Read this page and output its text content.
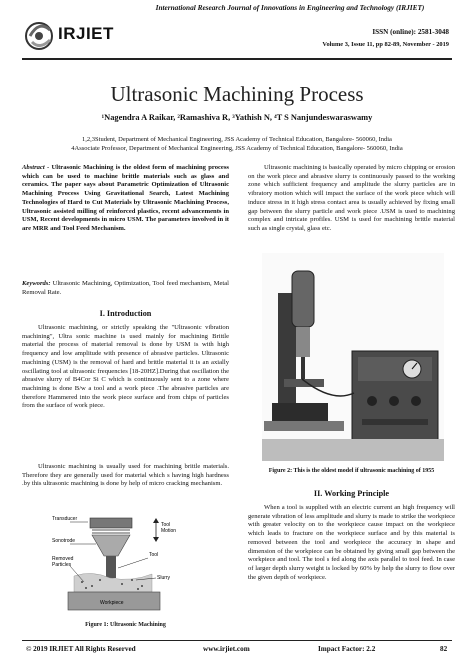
International Research Journal of Innovations in Engineering and Technology (IRJIET)
IRJIET	ISSN (online): 2581-3048
Volume 3, Issue 11, pp 82-89, November - 2019
Ultrasonic Machining Process
¹Nagendra A Raikar, ²Ramashiva R, ³Yathish N, ⁴T S Nanjundeswaraswamy
1,2,3Student, Department of Mechanical Engineering, JSS Academy of Technical Education, Bangalore- 560060, India
4Associate Professor, Department of Mechanical Engineering, JSS Academy of Technical Education, Bangalore- 560060, India
Abstract - Ultrasonic Machining is the oldest form of machining process which can be used to machine brittle materials such as glass and ceramics. The paper says about Parametric Optimization of Ultrasonic Machining Process Using Gravitational Search, Latest Machining Technologies of Hard to Cut Materials by Ultrasonic Machining Process, Ultrasonic assisted milling of reinforced plastics, recent advancements in USM, Recent developments in micro USM. The parameters involved in it are MRR and Tool Feed Mechanism.
Keywords: Ultrasonic Machining, Optimization, Tool feed mechanism, Metal Removal Rate.
I. Introduction
Ultrasonic machining, or strictly speaking the "Ultrasonic vibration machining", Ultra sonic machine is used mainly for machining Brittle material the process of material removal is done by USM is with high frequency and low amplitude with presence of abrasive particles. Ultrasonic machining (USM) is the removal of hard and brittle material it is an axially oscillating tool at ultrasonic frequencies [18-20HZ].During that oscillation the abrasive slurry of B4Cor Si C which is continuously sent to a zone where machining is done B/w a tool and a work piece .The abrasive particles are therefore Hammered into the work piece surface and from chips of particles from the surface of work piece.
Ultrasonic machining is usually used for machining brittle materials. Therefore they are generally used for material which s having high hardness .by this ultrasonic machining is done by help of micro cracking mechanism.
Transducer
Tool
Motion
Sonotrode
Removed
Particles
Tool
Slurry
Workpiece
Figure 1: Ultrasonic Machining
Ultrasonic machining is basically operated by micro chipping or erosion on the work piece and abrasive slurry is continuously passed to the working zone which sufficient frequency and amplitude the slurry particles are in vibratory motion which will impact the surface of the work piece which will induce stress in it high stress contact area is usually achieved by fixing small gap between the slurry particle and work piece .USM is used to machining complex and intricate profiles. USM is used for machining brittle material such as single crystal, glass etc.
Figure 2: This is the oldest model if ultrasonic machining of 1955
II. Working Principle
When a tool is supplied with an electric current an high frequency will generate vibration of less amplitude and slurry is made to strike the workpiece with greater velocity on to the workpiece cause impact on the workpiece which leads to fracture on the workpiece surface and by this material is removed between the tool and workpiece the accuracy in shape and dimension of the workpiece can be obtained by giving small gap between the workpiece and tool. The tool s fed along the axis parallel to tool feed. In case of larger depth slurry weight is locked by 60% by help the slurry to flow over the given depth of workpiece.
© 2019 IRJIET All Rights Reserved	www.irjiet.com	Impact Factor: 2.2	82
